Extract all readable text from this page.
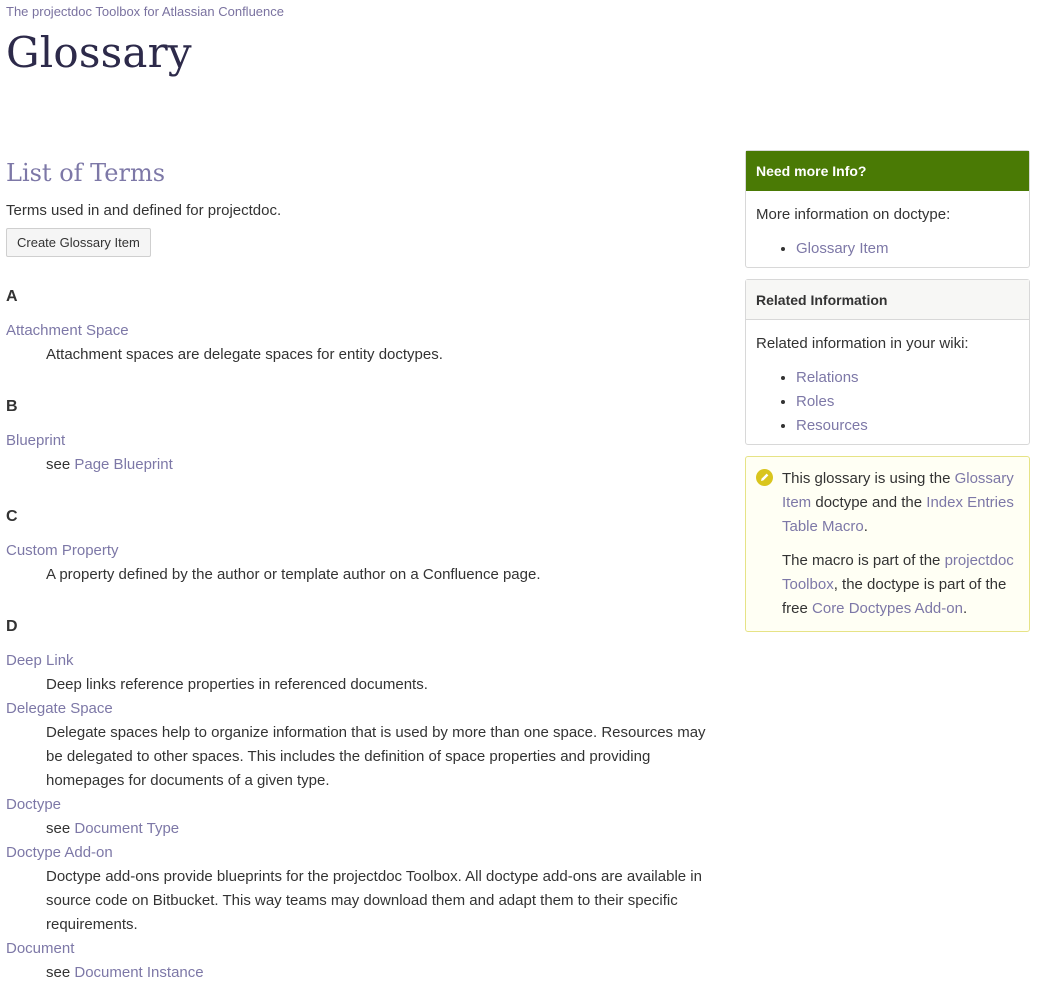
The projectdoc Toolbox for Atlassian Confluence
Glossary
List of Terms

Terms used in and defined for projectdoc.

Create Glossary Item
A
Attachment Space
Attachment spaces are delegate spaces for entity doctypes.
B
Blueprint
see Page Blueprint
C
Custom Property
A property defined by the author or template author on a Confluence page.
D
Deep Link
Deep links reference properties in referenced documents.
Delegate Space
Delegate spaces help to organize information that is used by more than one space. Resources may be delegated to other spaces. This includes the definition of space properties and providing homepages for documents of a given type.
Doctype
see Document Type
Doctype Add-on
Doctype add-ons provide blueprints for the projectdoc Toolbox. All doctype add-ons are available in source code on Bitbucket. This way teams may download them and adapt them to their specific requirements.
Document
see Document Instance
Need more Info?

More information on doctype:

• Glossary Item
Related Information

Related information in your wiki:

• Relations
• Roles
• Resources

This glossary is using the Glossary Item doctype and the Index Entries Table Macro.

The macro is part of the projectdoc Toolbox, the doctype is part of the free Core Doctypes Add-on.
